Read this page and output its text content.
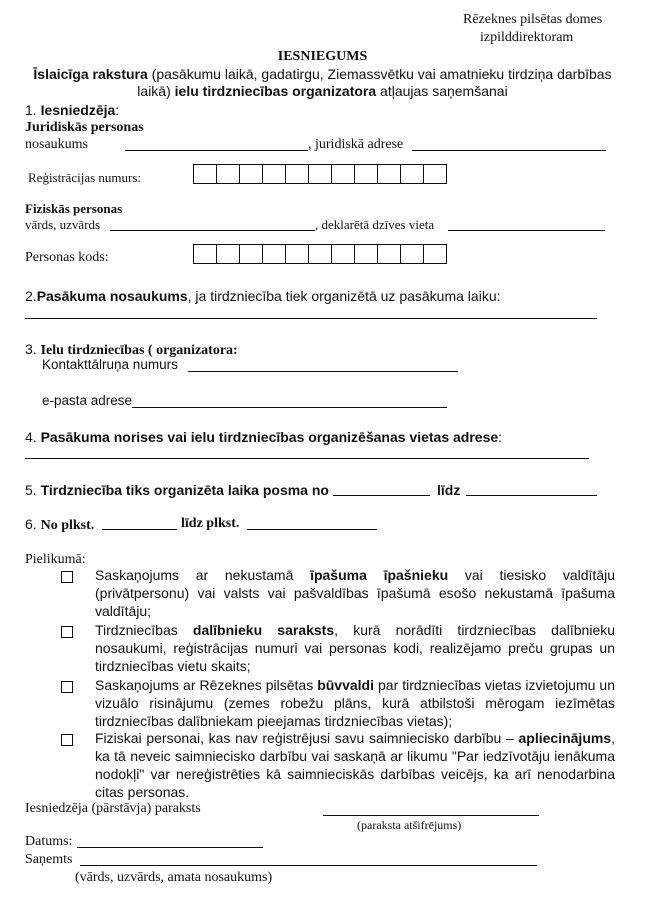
Rēzeknes pilsētas domes
izpilddirektoram
IESNIEGUMS
Īslaicīga rakstura (pasākumu laikā, gadatirgu, Ziemassvētku vai amatnieku tirdziņa darbības
laikā) ielu tirdzniecības organizatora atļaujas saņemšanai
1. Iesniedzēja:
Juridiskās personas
nosaukums	, juridiskā adrese
Reģistrācijas numurs:
Fiziskās personas
vārds, uzvārds	, deklarētā dzīves vieta
Personas kods:
2.Pasākuma nosaukums, ja tirdzniecība tiek organizētā uz pasākuma laiku:
3. Ielu tirdzniecības ( organizatora:
Kontakttālruņa numurs
e-pasta adrese
4. Pasākuma norises vai ielu tirdzniecības organizēšanas vietas adrese:
5. Tirdzniecība tiks organizēta laika posma no	līdz
6. No plkst.	līdz plkst.
Pielikumā:
Saskaņojums ar nekustamā īpašuma īpašnieku vai tiesisko valdītāju (privātpersonu) vai valsts vai pašvaldības īpašumā esošo nekustamā īpašuma valdītāju;
Tirdzniecības dalībnieku saraksts, kurā norādīti tirdzniecības dalībnieku nosaukumi, reģistrācijas numuri vai personas kodi, realizējamo preču grupas un tirdzniecības vietu skaits;
Saskaņojums ar Rēzeknes pilsētas būvvaldi par tirdzniecības vietas izvietojumu un vizuālo risinājumu (zemes robežu plāns, kurā atbilstoši mērogam iezīmētas tirdzniecības dalībniekam pieejamas tirdzniecības vietas);
Fiziskai personai, kas nav reģistrējusi savu saimniecisko darbību – apliecinājums, ka tā neveic saimniecisko darbību vai saskaņā ar likumu "Par iedzīvotāju ienākuma nodokļi" var nereģistrēties kā saimnieciskās darbības veicējs, ka arī nenodarbina citas personas.
Iesniedzēja (pārstāvja) paraksts
(paraksta atšifrējums)
Datums:
Saņemts
(vārds, uzvārds, amata nosaukums)
